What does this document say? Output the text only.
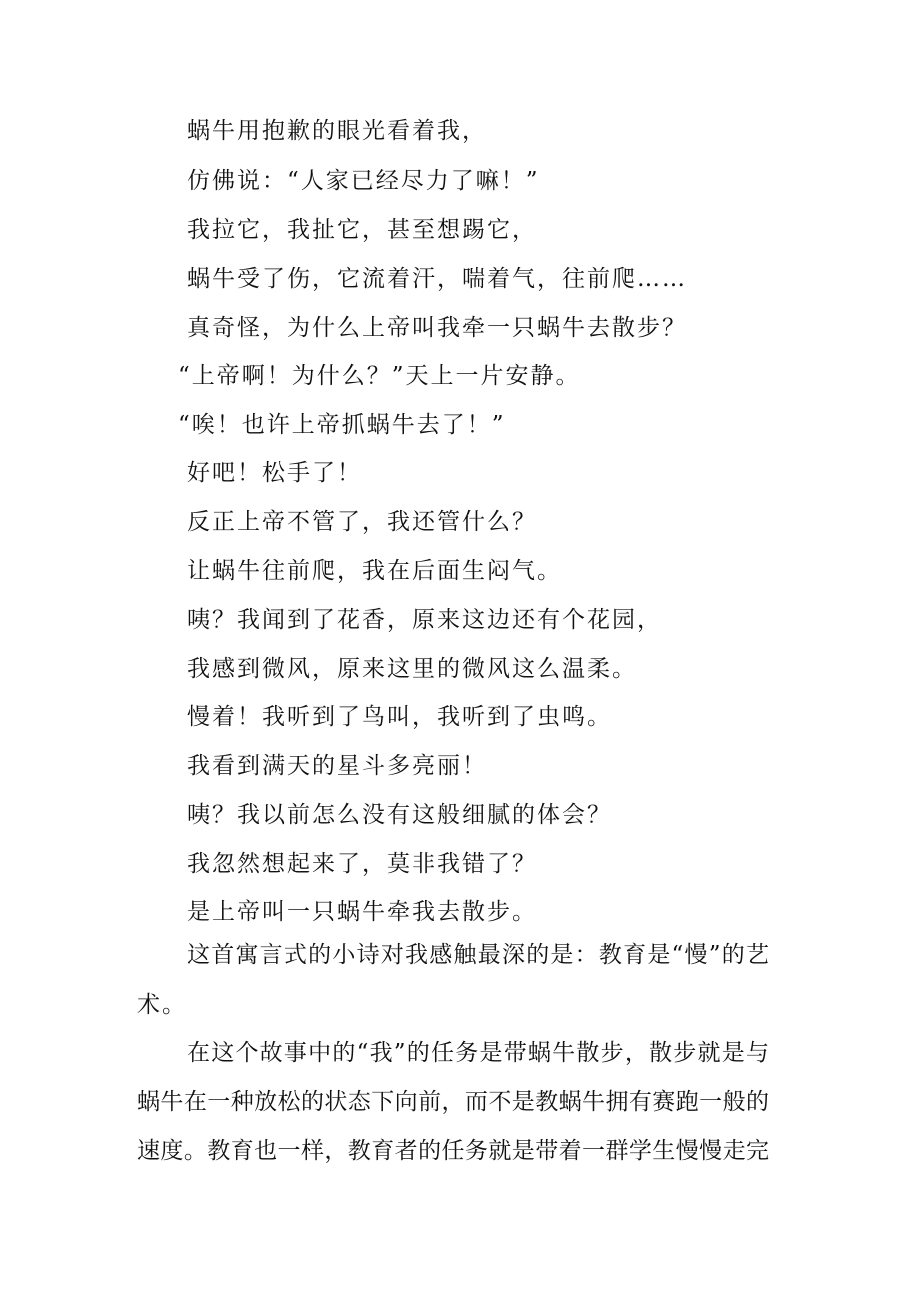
蜗牛用抱歉的眼光看着我，
仿佛说：“人家已经尽力了嘛！”
我拉它，我扯它，甚至想踢它，
蜗牛受了伤，它流着汗，喘着气，往前爬……
真奇怪，为什么上帝叫我牵一只蜗牛去散步？
“上帝啊！为什么？”天上一片安静。
“唉！也许上帝抓蜗牛去了！”
好吧！松手了！
反正上帝不管了，我还管什么？
让蜗牛往前爬，我在后面生闷气。
咦？我闻到了花香，原来这边还有个花园，
我感到微风，原来这里的微风这么温柔。
慢着！我听到了鸟叫，我听到了虫鸣。
我看到满天的星斗多亮丽！
咦？我以前怎么没有这般细腻的体会？
我忽然想起来了，莫非我错了？
是上帝叫一只蜗牛牵我去散步。
这首寓言式的小诗对我感触最深的是：教育是“慢”的艺
术。
在这个故事中的“我”的任务是带蜗牛散步，散步就是与
蜗牛在一种放松的状态下向前，而不是教蜗牛拥有赛跑一般的
速度。教育也一样，教育者的任务就是带着一群学生慢慢走完
